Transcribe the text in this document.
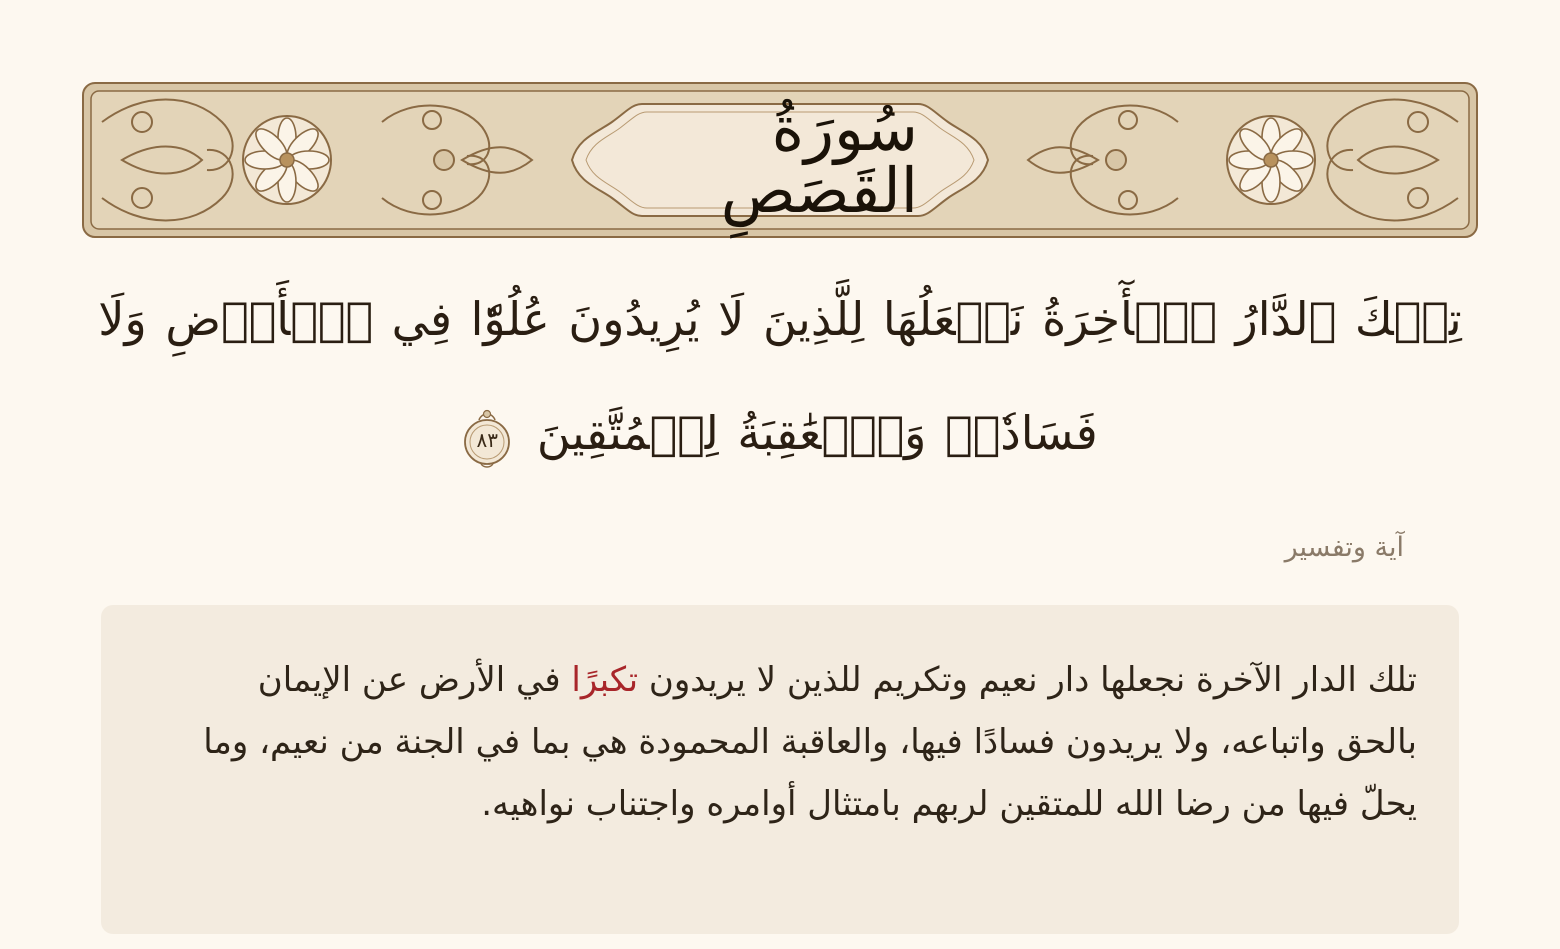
سُورَةُ القَصَصِ
تِلۡكَ ٱلدَّارُ ٱلۡأٓخِرَةُ نَجۡعَلُهَا لِلَّذِينَ لَا يُرِيدُونَ عُلُوّٗا فِي ٱلۡأَرۡضِ وَلَا فَسَادٗاۚ وَٱلۡعَٰقِبَةُ لِلۡمُتَّقِينَ
٨٣
آية وتفسير
تلك الدار الآخرة نجعلها دار نعيم وتكريم للذين لا يريدون تكبرًا في الأرض عن الإيمان بالحق واتباعه، ولا يريدون فسادًا فيها، والعاقبة المحمودة هي بما في الجنة من نعيم، وما يحلّ فيها من رضا الله للمتقين لربهم بامتثال أوامره واجتناب نواهيه.
